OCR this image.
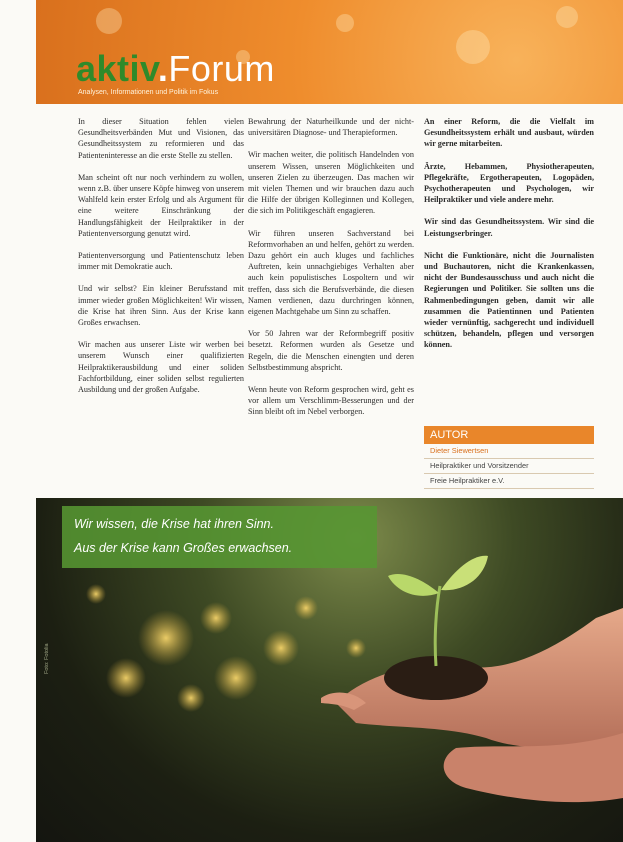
aktiv.Forum
Analysen, Informationen und Politik im Fokus

In dieser Situation fehlen vielen Gesundheitsverbänden Mut und Visionen, das Gesundheitssystem zu reformieren und das Patienteninteresse an die erste Stelle zu stellen.

Man scheint oft nur noch verhindern zu wollen, wenn z.B. über unsere Köpfe hinweg von unserem Wahlfeld kein erster Erfolg und als Argument für eine weitere Einschränkung der Handlungsfähigkeit der Heilpraktiker in der Patientenversorgung genutzt wird.

Patientenversorgung und Patientenschutz leben immer mit Demokratie auch.

Und wir selbst? Ein kleiner Berufsstand mit immer wieder großen Möglichkeiten! Wir wissen, die Krise hat ihren Sinn. Aus der Krise kann Großes erwachsen.

Wir machen aus unserer Liste wir werben bei unserem Wunsch einer qualifizierten Heilpraktikerausbildung und einer soliden Fachfortbildung, einer soliden selbst regulierten Ausbildung und der großen Aufgabe.

Bewahrung der Naturheilkunde und der nicht-universitären Diagnose- und Therapieformen.

Wir machen weiter, die politisch Handelnden von unserem Wissen, unseren Möglichkeiten und unseren Zielen zu überzeugen. Das machen wir mit vielen Themen und wir brauchen dazu auch die Hilfe der übrigen Kolleginnen und Kollegen, die sich im Politikgeschäft engagieren.

Wir führen unseren Sachverstand bei Reformvorhaben an und helfen, gehört zu werden. Dazu gehört ein auch kluges und fachliches Auftreten, kein unnachgiebiges Verhalten aber auch kein populistisches Lospoltern und wir treffen, dass sich die Berufsverbände, die diesen Namen verdienen, dazu durchringen können, eigenen Machtgehabe um Sinn zu schaffen.

Vor 50 Jahren war der Reformbegriff positiv besetzt. Reformen wurden als Gesetze und Regeln, die die Menschen einengten und deren Selbstbestimmung abspricht.

Wenn heute von Reform gesprochen wird, geht es vor allem um Verschlimm-Besserungen und der Sinn bleibt oft im Nebel verborgen.

An einer Reform, die die Vielfalt im Gesundheitssystem erhält und ausbaut, würden wir gerne mitarbeiten.

Ärzte, Hebammen, Physiotherapeuten, Pflegekräfte, Ergotherapeuten, Logopäden, Psychotherapeuten und Psychologen, wir Heilpraktiker und viele andere mehr.

Wir sind das Gesundheitssystem. Wir sind die Leistungserbringer.

Nicht die Funktionäre, nicht die Journalisten und Buchautoren, nicht die Krankenkassen, nicht der Bundesausschuss und auch nicht die Regierungen und Politiker. Sie sollten uns die Rahmenbedingungen geben, damit wir alle zusammen die Patientinnen und Patienten wieder vernünftig, sachgerecht und individuell schützen, behandeln, pflegen und versorgen können.

AUTOR
Dieter Siewertsen
Heilpraktiker und Vorsitzender
Freie Heilpraktiker e.V.
Wir wissen, die Krise hat ihren Sinn.
Aus der Krise kann Großes erwachsen.
Foto: Fotolia
